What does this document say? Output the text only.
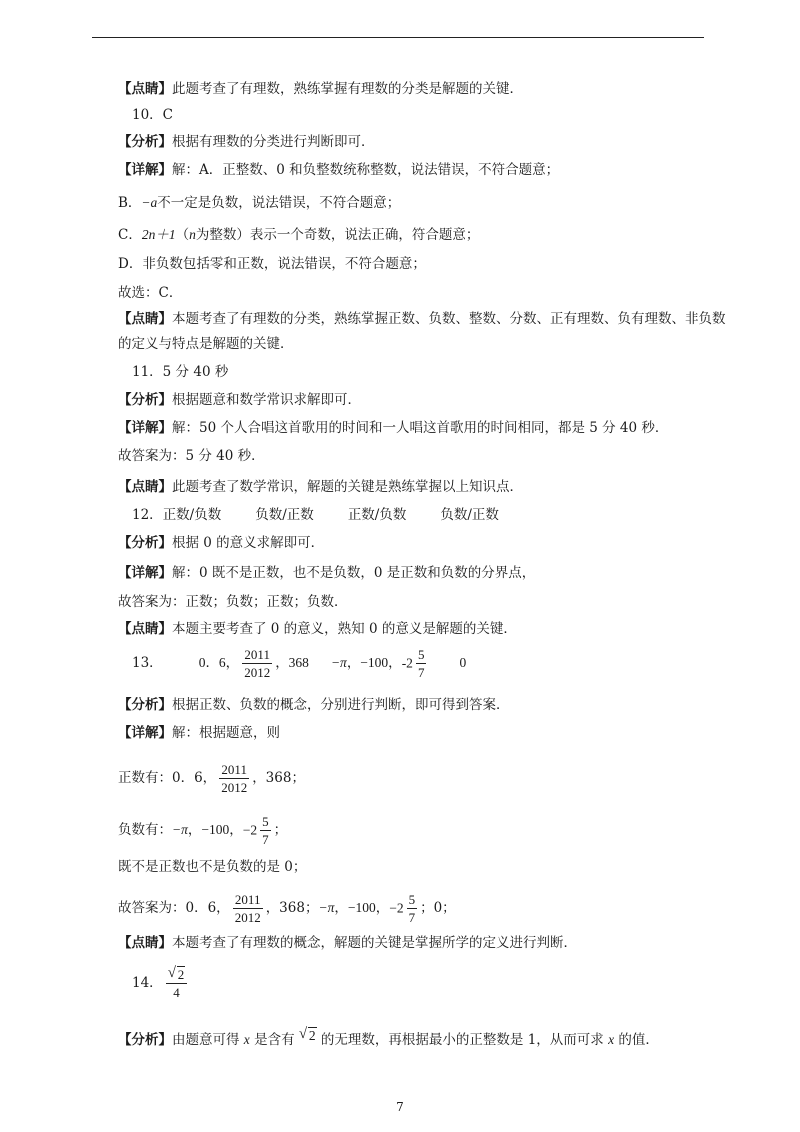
【点睛】此题考查了有理数，熟练掌握有理数的分类是解题的关键．
10．C
【分析】根据有理数的分类进行判断即可．
【详解】解：A．正整数、0 和负整数统称整数，说法错误，不符合题意；
B．−a不一定是负数，说法错误，不符合题意；
C．2n＋1（n为整数）表示一个奇数，说法正确，符合题意；
D．非负数包括零和正数，说法错误，不符合题意；
故选：C．
【点睛】本题考查了有理数的分类，熟练掌握正数、负数、整数、分数、正有理数、负有理数、非负数
的定义与特点是解题的关键．
11．5 分 40 秒
【分析】根据题意和数学常识求解即可．
【详解】解：50 个人合唱这首歌用的时间和一人唱这首歌用的时间相同，都是 5 分 40 秒．
故答案为：5 分 40 秒．
【点睛】此题考查了数学常识，解题的关键是熟练掌握以上知识点．
12．正数/负数	负数/正数	正数/负数	负数/正数
【分析】根据 0 的意义求解即可．
【详解】解：0 既不是正数，也不是负数，0 是正数和负数的分界点，
故答案为：正数；负数；正数；负数．
【点睛】本题主要考查了 0 的意义，熟知 0 的意义是解题的关键．
13．	0．6， $\frac{2011}{2012}$ ，368 −π，−100，$-2 \frac{5}{7} 0$
【分析】根据正数、负数的概念，分别进行判断，即可得到答案．
【详解】解：根据题意，则
正数有：0．6， $\frac{2011}{2012}$ ，368；
负数有：−π，−100，$-2 \frac{5}{7}$ ；
既不是正数也不是负数的是 0；
故答案为：0．6， $\frac{2011}{2012}$ ，368；−π，−100，$-2 \frac{5}{7}$ ；0；
【点睛】本题考查了有理数的概念，解题的关键是掌握所学的定义进行判断．
14． $\frac{√ 2}{4}$
【分析】由题意可得 x 是含有 √ 2 的无理数，再根据最小的正整数是 1，从而可求 x 的值．
7
